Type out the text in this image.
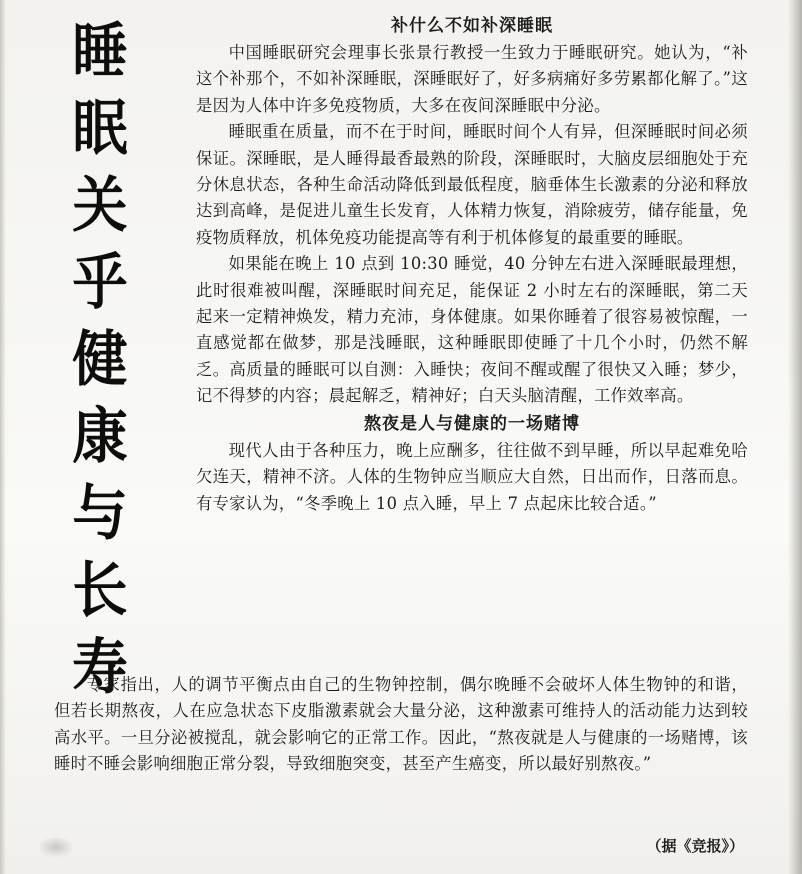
睡
眠
关
乎
健
康
与
长
寿
补什么不如补深睡眠

中国睡眠研究会理事长张景行教授一生致力于睡眠研究。她认为，“补这个补那个，不如补深睡眠，深睡眠好了，好多病痛好多劳累都化解了。”这是因为人体中许多免疫物质，大多在夜间深睡眠中分泌。

睡眠重在质量，而不在于时间，睡眠时间个人有异，但深睡眠时间必须保证。深睡眠，是人睡得最香最熟的阶段，深睡眠时，大脑皮层细胞处于充分休息状态，各种生命活动降低到最低程度，脑垂体生长激素的分泌和释放达到高峰，是促进儿童生长发育，人体精力恢复，消除疲劳，储存能量，免疫物质释放，机体免疫功能提高等有利于机体修复的最重要的睡眠。

如果能在晚上 10 点到 10:30 睡觉，40 分钟左右进入深睡眠最理想，此时很难被叫醒，深睡眠时间充足，能保证 2 小时左右的深睡眠，第二天起来一定精神焕发，精力充沛，身体健康。如果你睡着了很容易被惊醒，一直感觉都在做梦，那是浅睡眠，这种睡眠即使睡了十几个小时，仍然不解乏。高质量的睡眠可以自测：入睡快；夜间不醒或醒了很快又入睡；梦少，记不得梦的内容；晨起解乏，精神好；白天头脑清醒，工作效率高。

熬夜是人与健康的一场赌博

现代人由于各种压力，晚上应酬多，往往做不到早睡，所以早起难免哈欠连天，精神不济。人体的生物钟应当顺应大自然，日出而作，日落而息。有专家认为，“冬季晚上 10 点入睡，早上 7 点起床比较合适。”

专家指出，人的调节平衡点由自己的生物钟控制，偶尔晚睡不会破坏人体生物钟的和谐，但若长期熬夜，人在应急状态下皮脂激素就会大量分泌，这种激素可维持人的活动能力达到较高水平。一旦分泌被搅乱，就会影响它的正常工作。因此，“熬夜就是人与健康的一场赌博，该睡时不睡会影响细胞正常分裂，导致细胞突变，甚至产生癌变，所以最好别熬夜。”

（据《竞报》）
